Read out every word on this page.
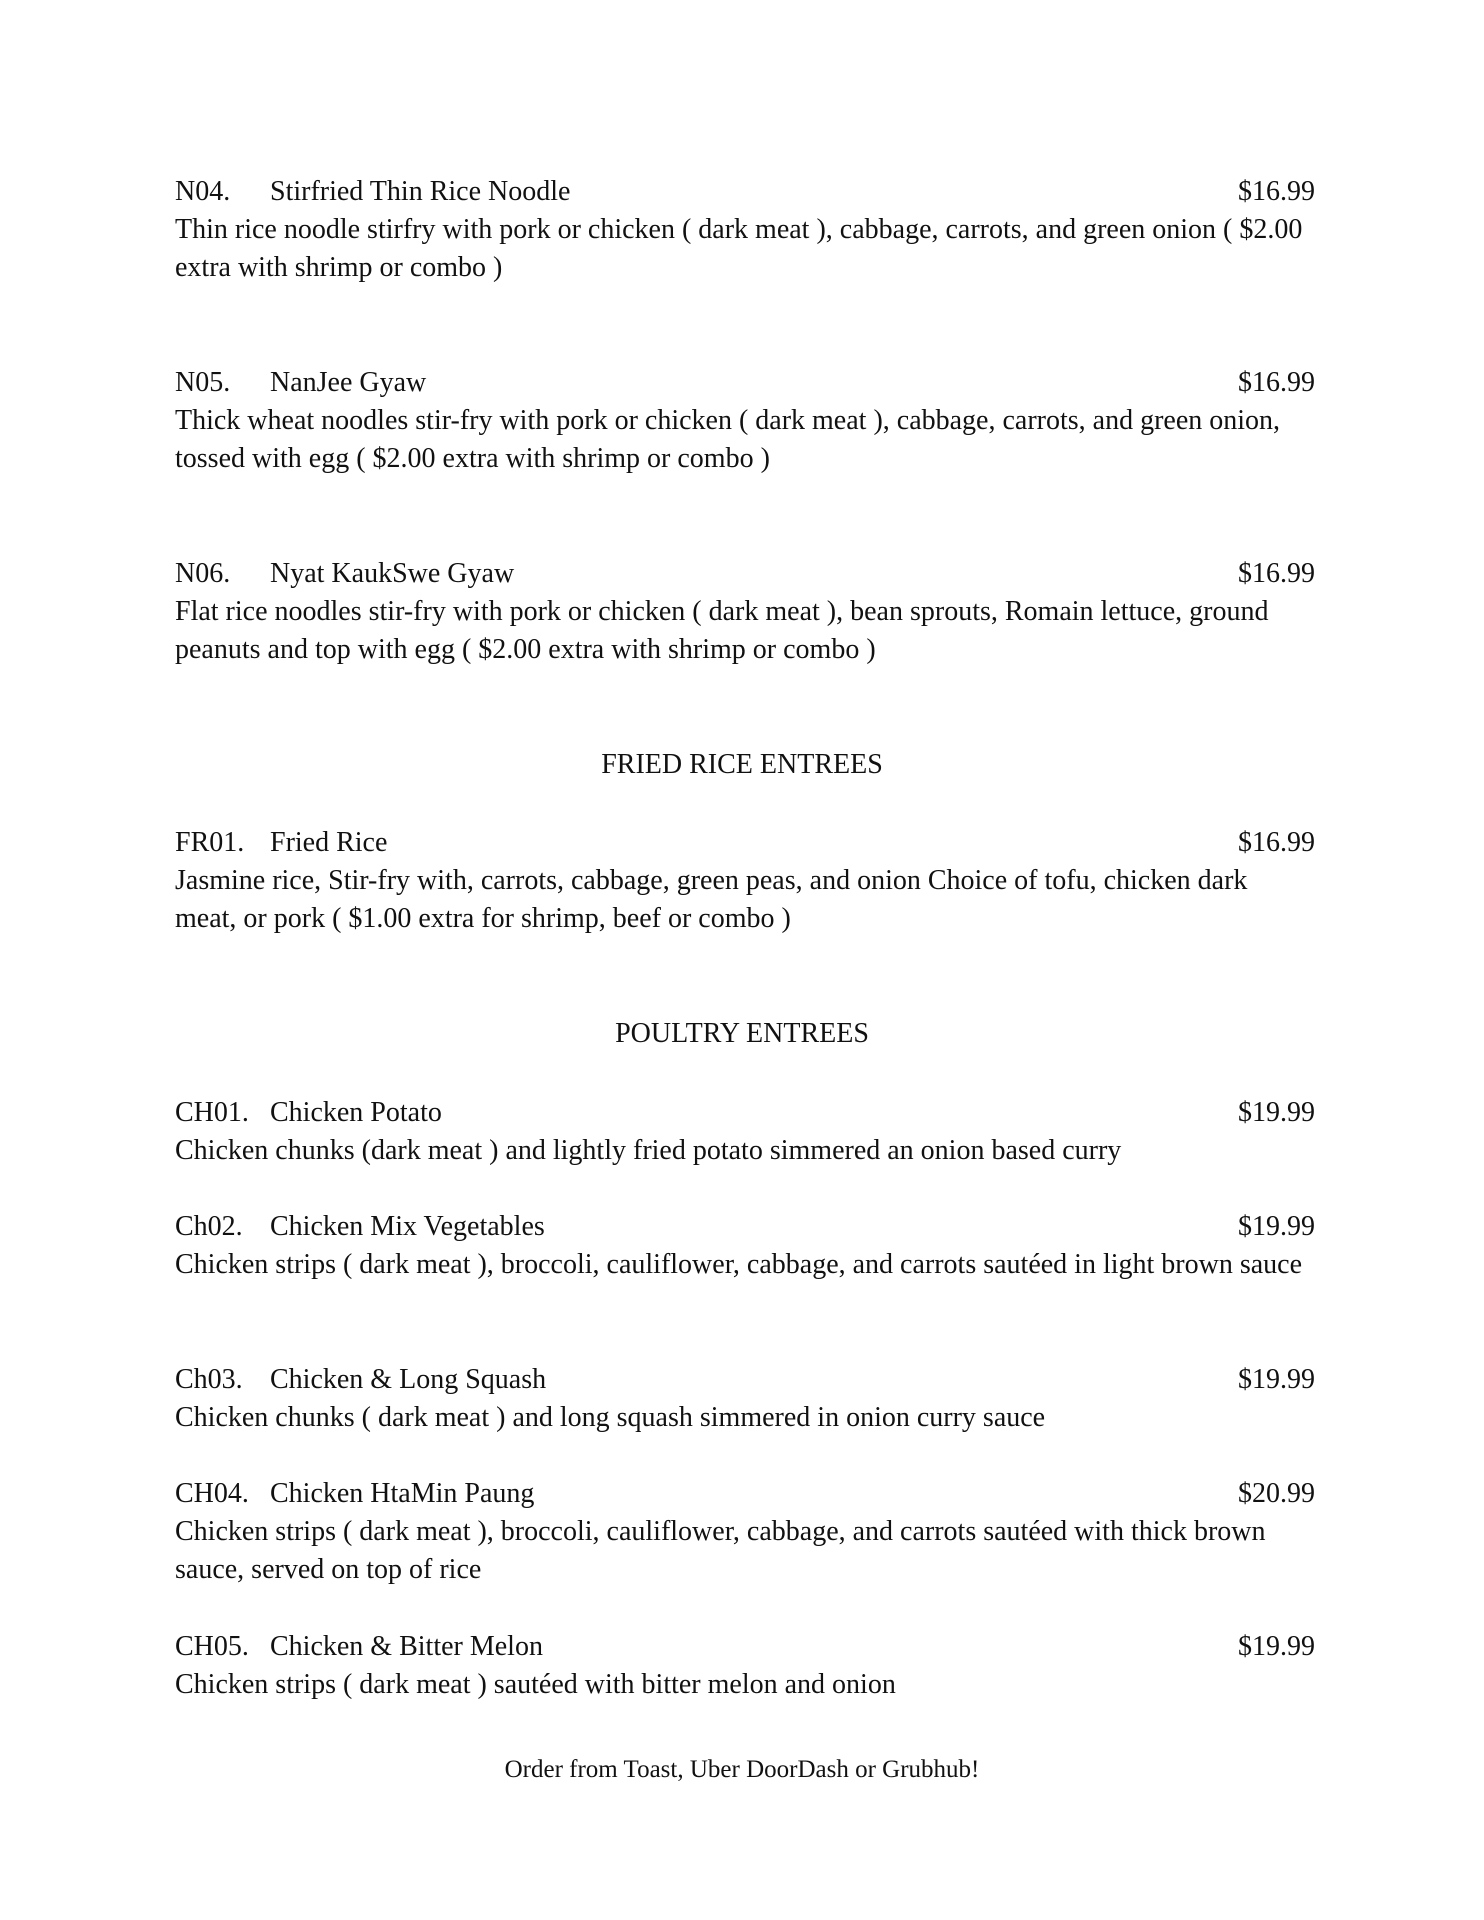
N04. Stirfried Thin Rice Noodle	$16.99
Thin rice noodle stirfry with pork or chicken ( dark meat ), cabbage, carrots, and green onion ( $2.00 extra with shrimp or combo )
N05. NanJee Gyaw	$16.99
Thick wheat noodles stir-fry with pork or chicken ( dark meat ), cabbage, carrots, and green onion, tossed with egg ( $2.00 extra with shrimp or combo )
N06. Nyat KaukSwe Gyaw	$16.99
Flat rice noodles stir-fry with pork or chicken ( dark meat ), bean sprouts, Romain lettuce, ground peanuts and top with egg ( $2.00 extra with shrimp or combo )
FRIED RICE ENTREES
FR01. Fried Rice	$16.99
Jasmine rice, Stir-fry with, carrots, cabbage, green peas, and onion Choice of tofu, chicken dark meat, or pork ( $1.00 extra for shrimp, beef or combo )
POULTRY ENTREES
CH01. Chicken Potato	$19.99
Chicken chunks (dark meat ) and lightly fried potato simmered an onion based curry
Ch02. Chicken Mix Vegetables	$19.99
Chicken strips ( dark meat ), broccoli, cauliflower, cabbage, and carrots sautéed in light brown sauce
Ch03. Chicken & Long Squash	$19.99
Chicken chunks ( dark meat ) and long squash simmered in onion curry sauce
CH04. Chicken HtaMin Paung	$20.99
Chicken strips ( dark meat ), broccoli, cauliflower, cabbage, and carrots sautéed with thick brown sauce, served on top of rice
CH05. Chicken & Bitter Melon	$19.99
Chicken strips ( dark meat ) sautéed with bitter melon and onion
Order from Toast, Uber DoorDash or Grubhub!
